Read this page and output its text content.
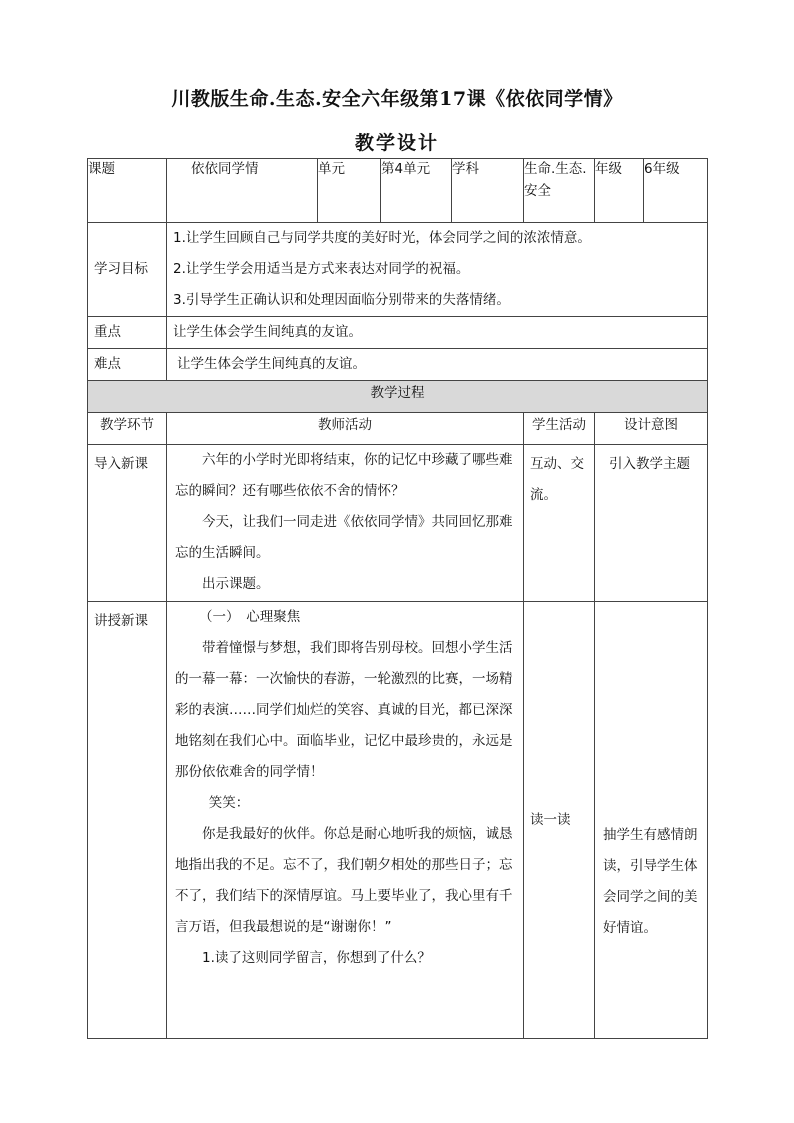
川教版生命.生态.安全六年级第17课《依依同学情》
教学设计
课题	依依同学情	单元	第4单元	学科	生命.生态.安全	年级	6年级
学习目标	1.让学生回顾自己与同学共度的美好时光，体会同学之间的浓浓情意。

2.让学生学会用适当是方式来表达对同学的祝福。

3.引导学生正确认识和处理因面临分别带来的失落情绪。						

重点	让学生体会学生间纯真的友谊。						
难点	让学生体会学生间纯真的友谊。						
教学过程							
教学环节	教师活动				学生活动	设计意图	
导入新课	六年的小学时光即将结束，你的记忆中珍藏了哪些难忘的瞬间？还有哪些依依不舍的情怀？

今天，让我们一同走进《依依同学情》共同回忆那难忘的生活瞬间。

出示课题。				互动、交流。	引入教学主题	
讲授新课	（一）　心理聚焦

带着憧憬与梦想，我们即将告别母校。回想小学生活的一幕一幕：一次愉快的春游，一轮激烈的比赛，一场精彩的表演……同学们灿烂的笑容、真诚的目光，都已深深地铭刻在我们心中。面临毕业，记忆中最珍贵的，永远是那份依依难舍的同学情！

笑笑：

你是我最好的伙伴。你总是耐心地听我的烦恼，诚恳地指出我的不足。忘不了，我们朝夕相处的那些日子；忘不了，我们结下的深情厚谊。马上要毕业了，我心里有千言万语，但我最想说的是“谢谢你！”

1.读了这则同学留言，你想到了什么？				读一读	抽学生有感情朗读，引导学生体会同学之间的美好情谊。	
